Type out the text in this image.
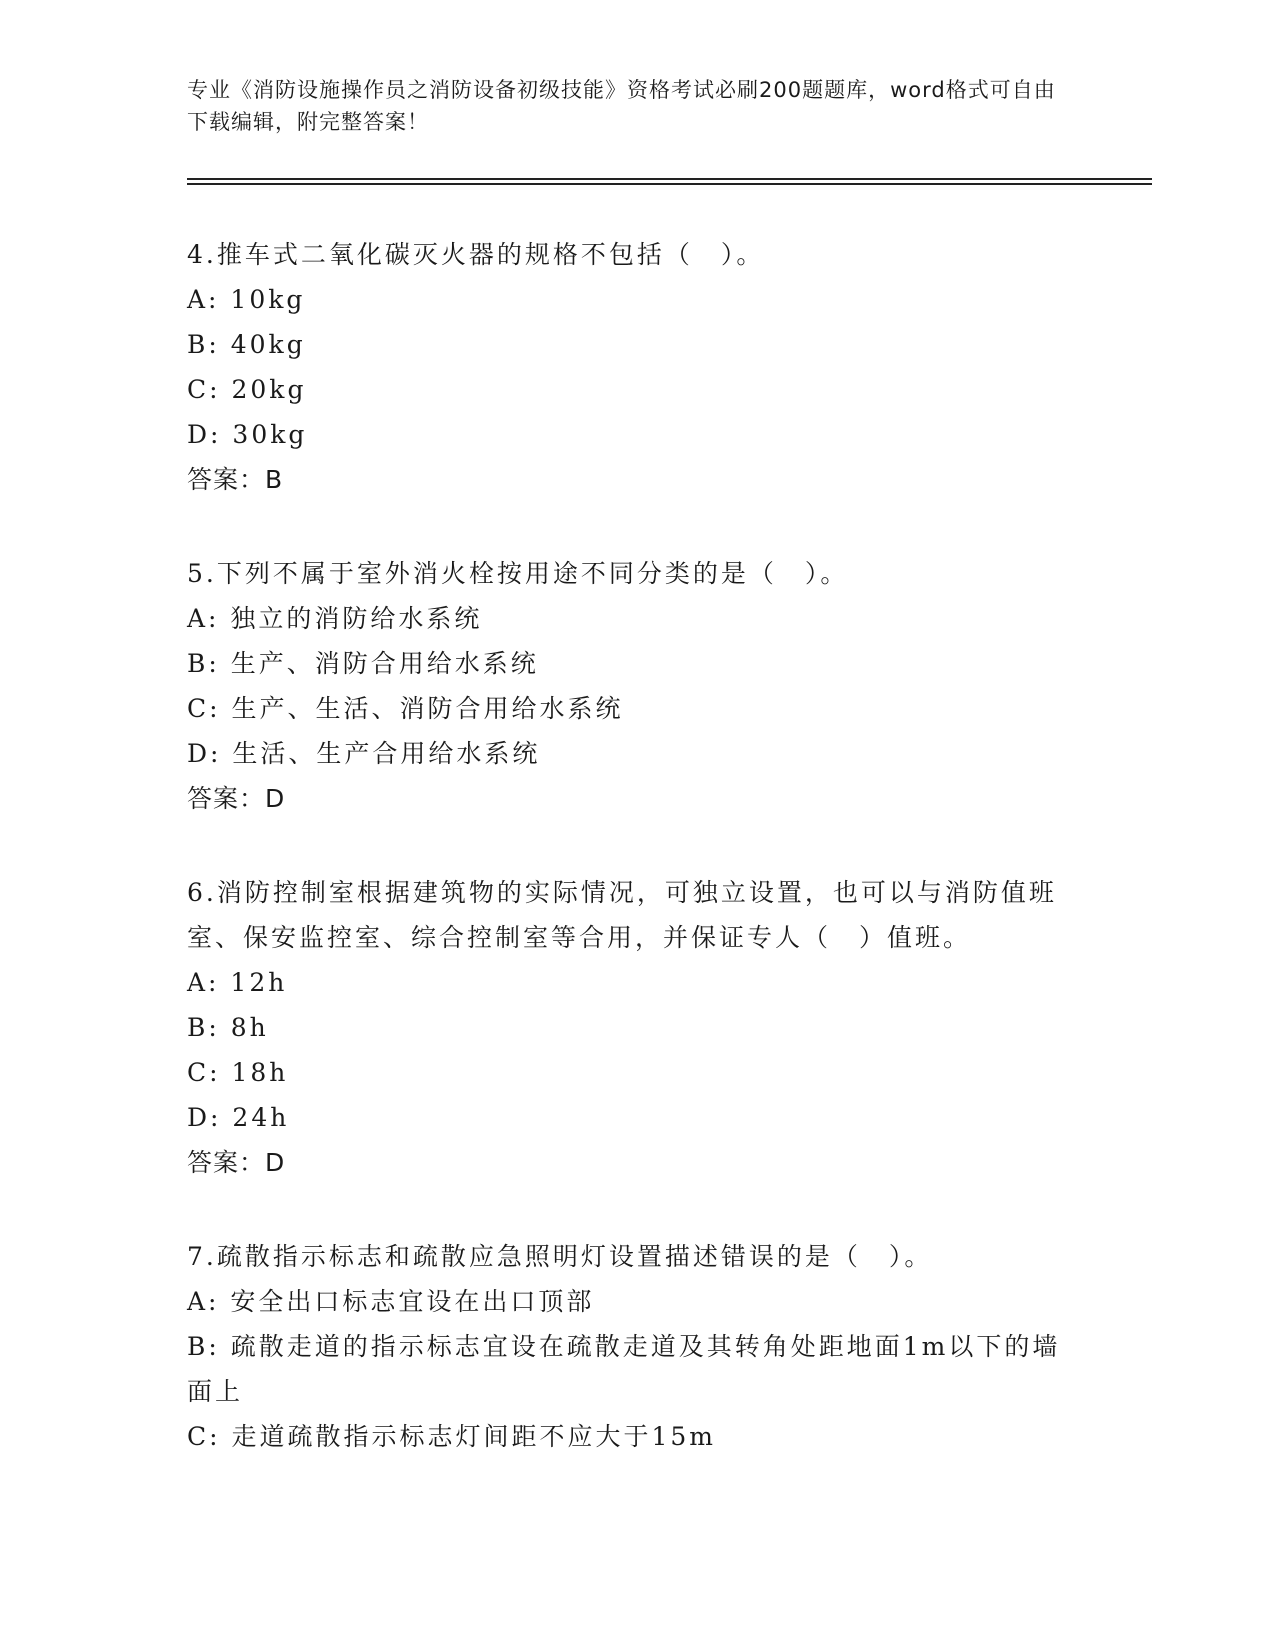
专业《消防设施操作员之消防设备初级技能》资格考试必刷200题题库，word格式可自由下载编辑，附完整答案！

4.推车式二氧化碳灭火器的规格不包括（　）。

A: 10kg

B: 40kg

C: 20kg

D: 30kg

答案：B

5.下列不属于室外消火栓按用途不同分类的是（　）。

A: 独立的消防给水系统

B: 生产、消防合用给水系统

C: 生产、生活、消防合用给水系统

D: 生活、生产合用给水系统

答案：D

6.消防控制室根据建筑物的实际情况，可独立设置，也可以与消防值班室、保安监控室、综合控制室等合用，并保证专人（　）值班。

A: 12h

B: 8h

C: 18h

D: 24h

答案：D

7.疏散指示标志和疏散应急照明灯设置描述错误的是（　）。

A: 安全出口标志宜设在出口顶部

B: 疏散走道的指示标志宜设在疏散走道及其转角处距地面1m以下的墙面上

C: 走道疏散指示标志灯间距不应大于15m
